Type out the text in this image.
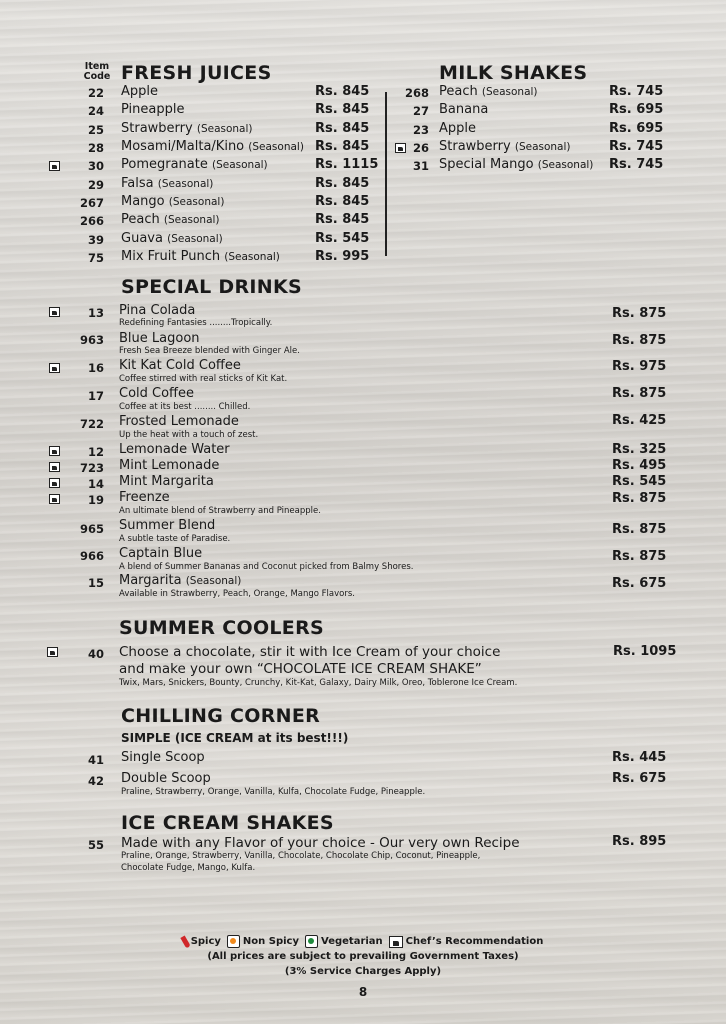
Item
Code FRESH JUICES
22 Apple	Rs. 845
24 Pineapple	Rs. 845
25 Strawberry (Seasonal)	Rs. 845
28 Mosami/Malta/Kino (Seasonal) Rs. 845
30 Pomegranate (Seasonal)	Rs. 1115
29 Falsa (Seasonal)	Rs. 845
267 Mango (Seasonal)	Rs. 845
266 Peach (Seasonal)	Rs. 845
39 Guava (Seasonal)	Rs. 545
75 Mix Fruit Punch (Seasonal)	Rs. 995
MILK SHAKES
268 Peach (Seasonal)	Rs. 745
27 Banana	Rs. 695
23 Apple	Rs. 695
26 Strawberry (Seasonal)	Rs. 745
31 Special Mango (Seasonal) Rs. 745
SPECIAL DRINKS
13 Pina Colada
Redefining Fantasies ........Tropically.
Rs. 875
963 Blue Lagoon
Fresh Sea Breeze blended with Ginger Ale.
Rs. 875
16 Kit Kat Cold Coffee
Coffee stirred with real sticks of Kit Kat.
Rs. 975
17 Cold Coffee
Coffee at its best ........ Chilled.
Rs. 875
722 Frosted Lemonade
Up the heat with a touch of zest.
Rs. 425
12 Lemonade Water	Rs. 325
723 Mint Lemonade	Rs. 495
14 Mint Margarita	Rs. 545
19 Freenze
An ultimate blend of Strawberry and Pineapple.
Rs. 875
965 Summer Blend
A subtle taste of Paradise.
Rs. 875
966 Captain Blue
A blend of Summer Bananas and Coconut picked from Balmy Shores.
Rs. 875
15 Margarita (Seasonal)
Available in Strawberry, Peach, Orange, Mango Flavors.
Rs. 675
SUMMER COOLERS
40 Choose a chocolate, stir it with Ice Cream of your choice
and make your own “CHOCOLATE ICE CREAM SHAKE”
Twix, Mars, Snickers, Bounty, Crunchy, Kit-Kat, Galaxy, Dairy Milk, Oreo, Toblerone Ice Cream.
Rs. 1095
CHILLING CORNER
SIMPLE (ICE CREAM at its best!!!)
41 Single Scoop	Rs. 445
42 Double Scoop
Praline, Strawberry, Orange, Vanilla, Kulfa, Chocolate Fudge, Pineapple.
Rs. 675
ICE CREAM SHAKES
55 Made with any Flavor of your choice - Our very own Recipe
Praline, Orange, Strawberry, Vanilla, Chocolate, Chocolate Chip, Coconut, Pineapple,
Chocolate Fudge, Mango, Kulfa.
Rs. 895
Spicy Non Spicy Vegetarian Chef’s Recommendation
(All prices are subject to prevailing Government Taxes)
(3% Service Charges Apply)
8
